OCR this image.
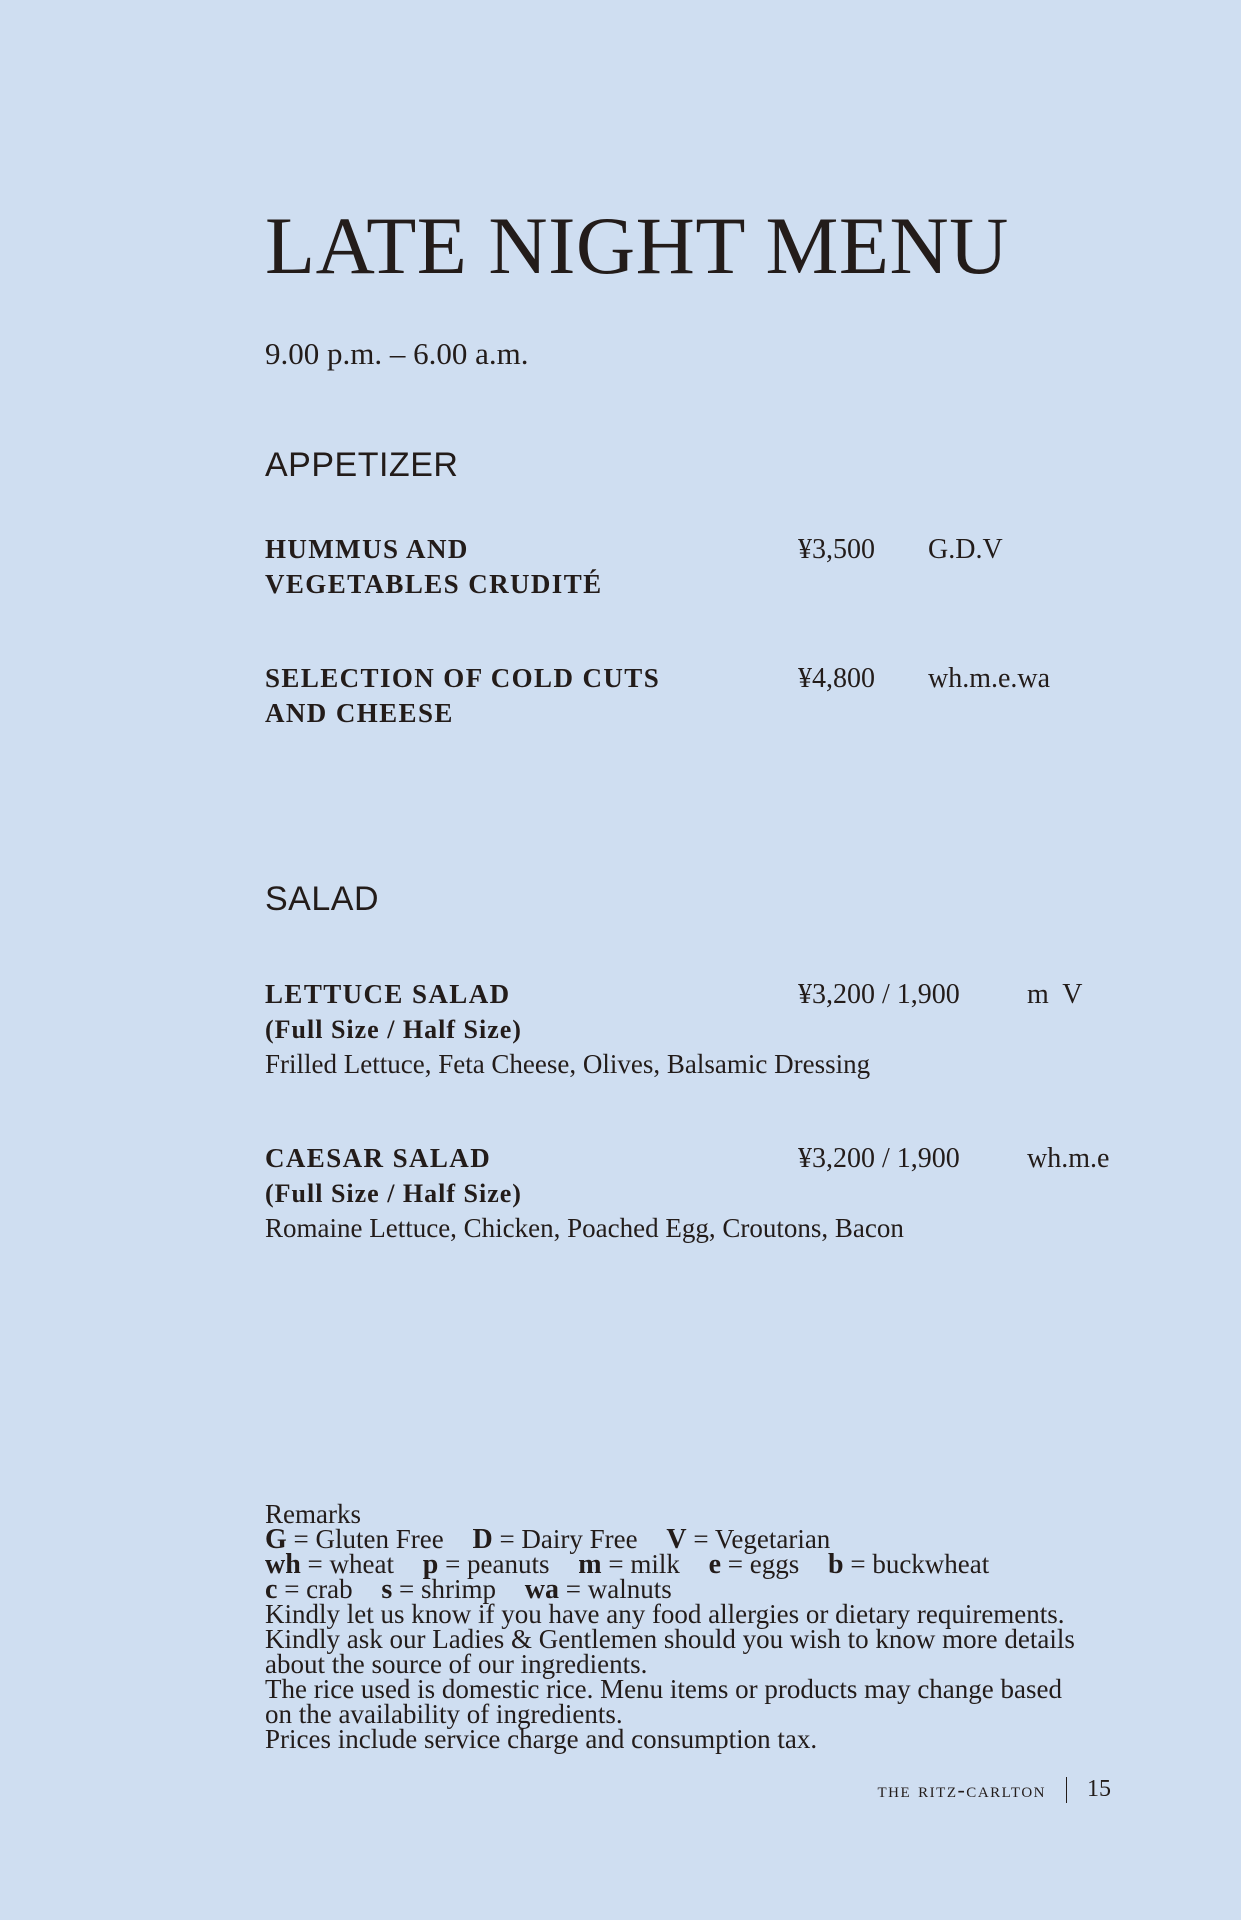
LATE NIGHT MENU
9.00 p.m. – 6.00 a.m.
APPETIZER
HUMMUS AND
VEGETABLES CRUDITÉ
¥3,500 G.D.V
SELECTION OF COLD CUTS
AND CHEESE
¥4,800 wh.m.e.wa
SALAD
LETTUCE SALAD
(Full Size / Half Size)
Frilled Lettuce, Feta Cheese, Olives, Balsamic Dressing
¥3,200 / 1,900 m  V
CAESAR SALAD
(Full Size / Half Size)
Romaine Lettuce, Chicken, Poached Egg, Croutons, Bacon
¥3,200 / 1,900 wh.m.e
Remarks
G = Gluten Free D = Dairy Free V = Vegetarian
wh = wheat p = peanuts m = milk e = eggs b = buckwheat
c = crab s = shrimp wa = walnuts
Kindly let us know if you have any food allergies or dietary requirements.
Kindly ask our Ladies & Gentlemen should you wish to know more details
about the source of our ingredients.
The rice used is domestic rice. Menu items or products may change based
on the availability of ingredients.
Prices include service charge and consumption tax.
the ritz-carlton 15
